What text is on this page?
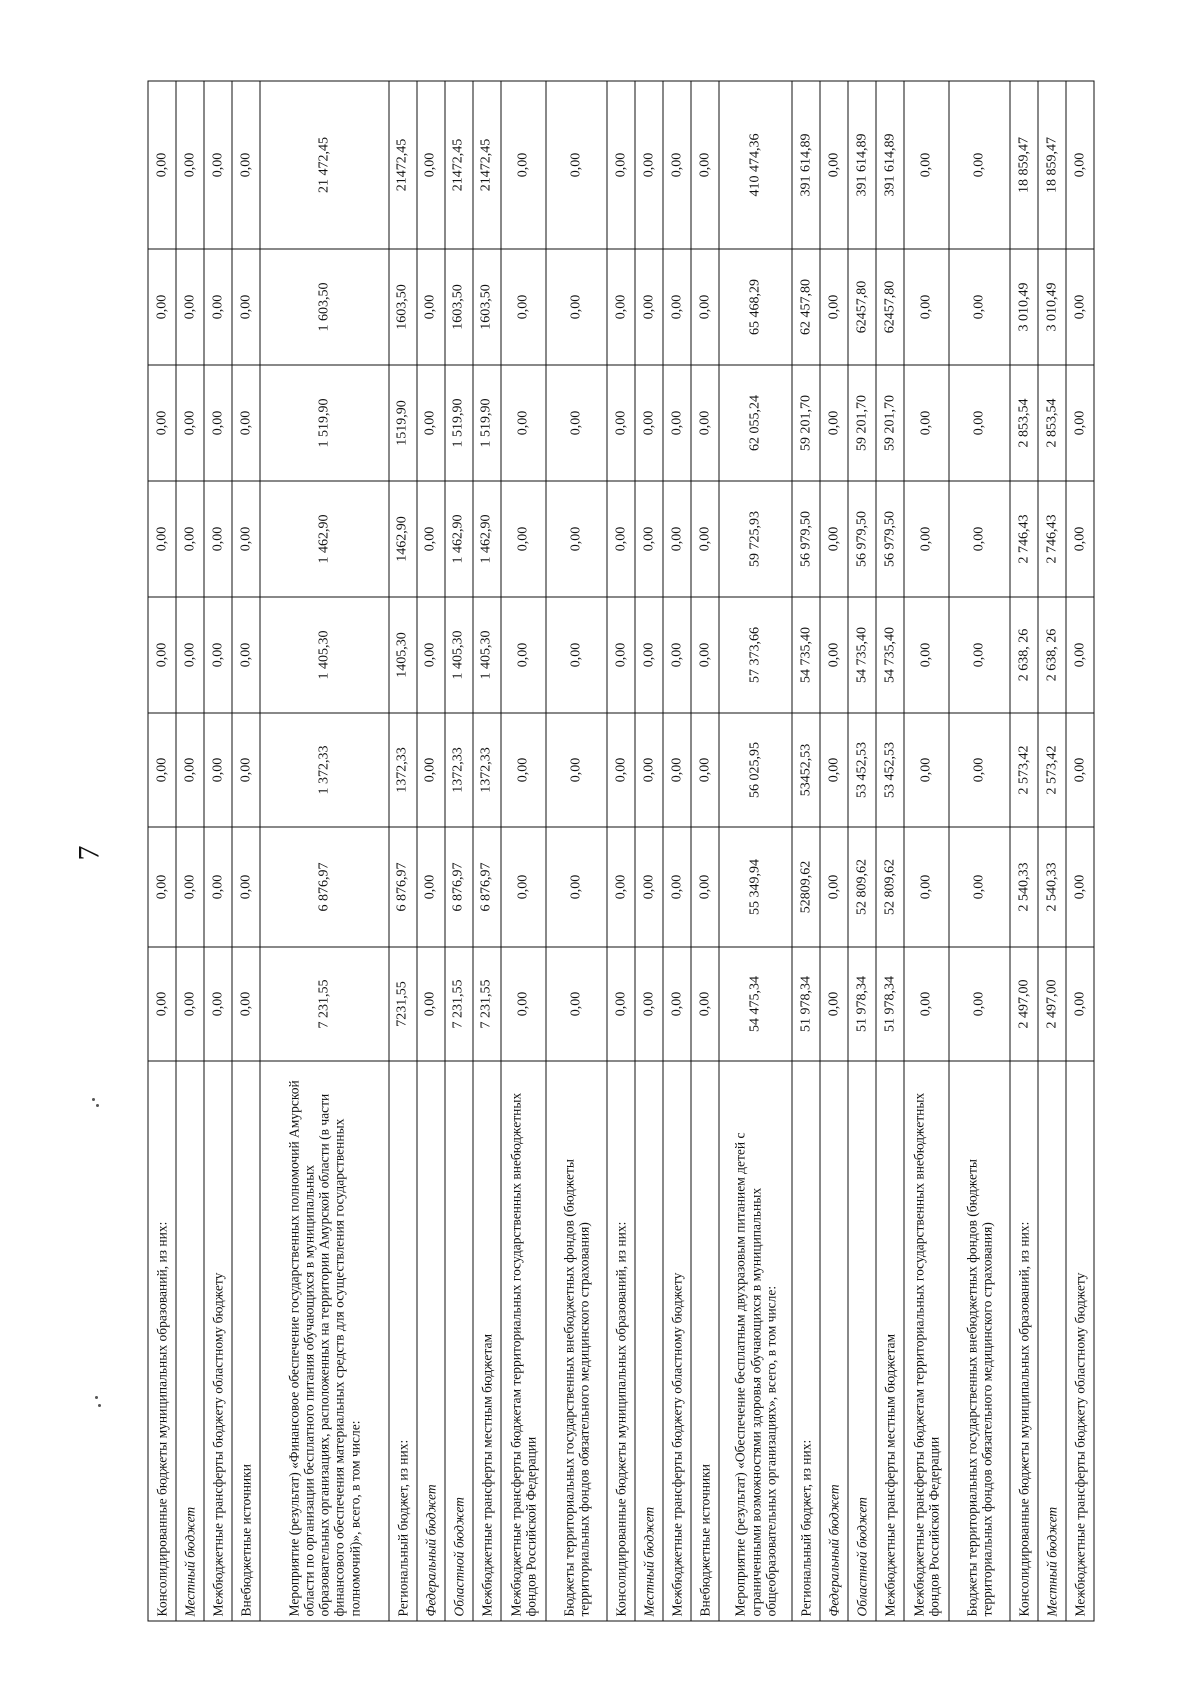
7
Консолидированные бюджеты муниципальных образований, из них:	0,00	0,00	0,00	0,00	0,00	0,00	0,00	0,00
Местный бюджет	0,00	0,00	0,00	0,00	0,00	0,00	0,00	0,00
Межбюджетные трансферты бюджету областному бюджету	0,00	0,00	0,00	0,00	0,00	0,00	0,00	0,00
Внебюджетные источники	0,00	0,00	0,00	0,00	0,00	0,00	0,00	0,00
Мероприятие (результат) «Финансовое обеспечение государственных полномочий Амурской области по организации бесплатного питания обучающихся в муниципальных образовательных организациях, расположенных на территории Амурской области (в части финансового обеспечения материальных средств для осуществления государственных полномочий)», всего, в том числе:	7 231,55	6 876,97	1 372,33	1 405,30	1 462,90	1 519,90	1 603,50	21 472,45
Региональный бюджет, из них:	7231,55	6 876,97	1372,33	1405,30	1462,90	1519,90	1603,50	21472,45
Федеральный бюджет	0,00	0,00	0,00	0,00	0,00	0,00	0,00	0,00
Областной бюджет	7 231,55	6 876,97	1372,33	1 405,30	1 462,90	1 519,90	1603,50	21472,45
Межбюджетные трансферты местным бюджетам	7 231,55	6 876,97	1372,33	1 405,30	1 462,90	1 519,90	1603,50	21472,45
Межбюджетные трансферты бюджетам территориальных государственных внебюджетных фондов Российской Федерации	0,00	0,00	0,00	0,00	0,00	0,00	0,00	0,00
Бюджеты территориальных государственных внебюджетных фондов (бюджеты территориальных фондов обязательного медицинского страхования)	0,00	0,00	0,00	0,00	0,00	0,00	0,00	0,00
Консолидированные бюджеты муниципальных образований, из них:	0,00	0,00	0,00	0,00	0,00	0,00	0,00	0,00
Местный бюджет	0,00	0,00	0,00	0,00	0,00	0,00	0,00	0,00
Межбюджетные трансферты бюджету областному бюджету	0,00	0,00	0,00	0,00	0,00	0,00	0,00	0,00
Внебюджетные источники	0,00	0,00	0,00	0,00	0,00	0,00	0,00	0,00
Мероприятие (результат) «Обеспечение бесплатным двухразовым питанием детей с ограниченными возможностями здоровья обучающихся в муниципальных общеобразовательных организациях», всего, в том числе:	54 475,34	55 349,94	56 025,95	57 373,66	59 725,93	62 055,24	65 468,29	410 474,36
Региональный бюджет, из них:	51 978,34	52809,62	53452,53	54 735,40	56 979,50	59 201,70	62 457,80	391 614,89
Федеральный бюджет	0,00	0,00	0,00	0,00	0,00	0,00	0,00	0,00
Областной бюджет	51 978,34	52 809,62	53 452,53	54 735,40	56 979,50	59 201,70	62457,80	391 614,89
Межбюджетные трансферты местным бюджетам	51 978,34	52 809,62	53 452,53	54 735,40	56 979,50	59 201,70	62457,80	391 614,89
Межбюджетные трансферты бюджетам территориальных государственных внебюджетных фондов Российской Федерации	0,00	0,00	0,00	0,00	0,00	0,00	0,00	0,00
Бюджеты территориальных государственных внебюджетных фондов (бюджеты территориальных фондов обязательного медицинского страхования)	0,00	0,00	0,00	0,00	0,00	0,00	0,00	0,00
Консолидированные бюджеты муниципальных образований, из них:	2 497,00	2 540,33	2 573,42	2 638, 26	2 746,43	2 853,54	3 010,49	18 859,47
Местный бюджет	2 497,00	2 540,33	2 573,42	2 638, 26	2 746,43	2 853,54	3 010,49	18 859,47
Межбюджетные трансферты бюджету областному бюджету	0,00	0,00	0,00	0,00	0,00	0,00	0,00	0,00
